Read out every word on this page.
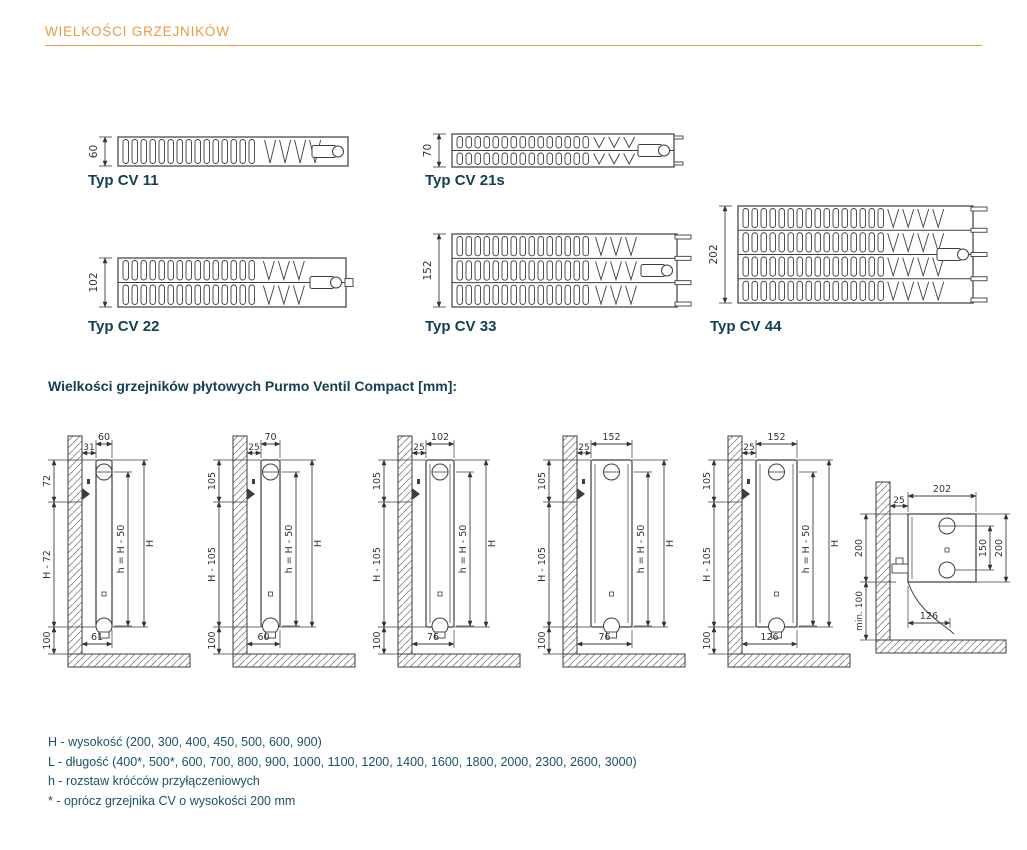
WIELKOŚCI GRZEJNIKÓW
60	70
102
152
202
Typ CV 11	Typ CV 21s
Typ CV 22	Typ CV 33	Typ CV 44
Wielkości grzejników płytowych Purmo Ventil Compact [mm]:
60
31
72
H - 72
100
h = H - 50 H
61
70
25
105
H - 105
100
h = H - 50 H
60
102
25
105
H - 105
100
h = H - 50 H
76
152
25
105
H - 105
100
h = H - 50 H
76
152
25
105
H - 105
100
h = H - 50 H
126
202
25
200
min. 100
150 200
126

H - wysokość (200, 300, 400, 450, 500, 600, 900)

L - długość (400*, 500*, 600, 700, 800, 900, 1000, 1100, 1200, 1400, 1600, 1800, 2000, 2300, 2600, 3000)

h - rozstaw króćców przyłączeniowych

* - oprócz grzejnika CV o wysokości 200 mm
